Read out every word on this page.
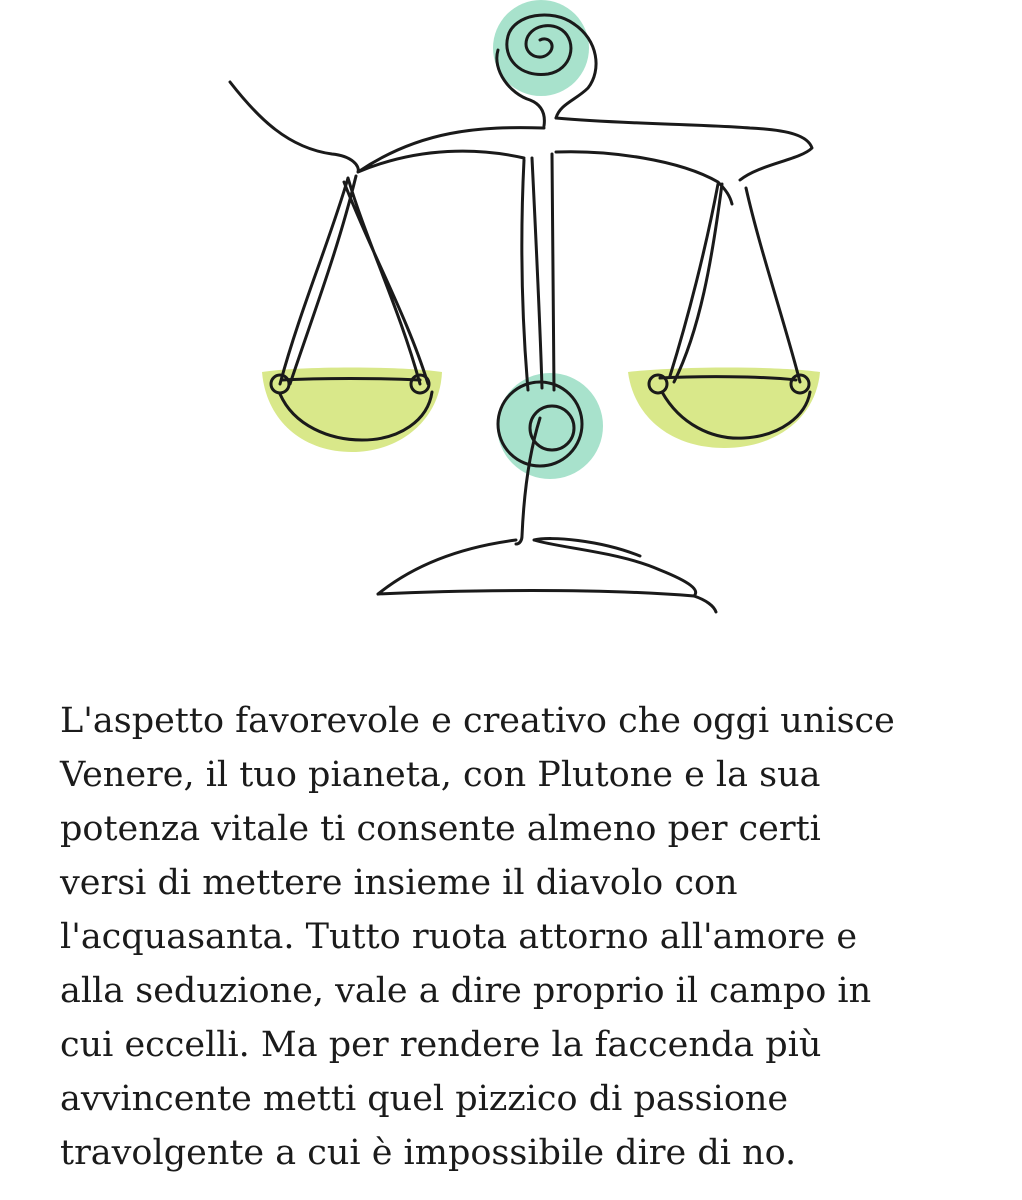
L'aspetto favorevole e creativo che oggi unisce
Venere, il tuo pianeta, con Plutone e la sua
potenza vitale ti consente almeno per certi
versi di mettere insieme il diavolo con
l'acquasanta. Tutto ruota attorno all'amore e
alla seduzione, vale a dire proprio il campo in
cui eccelli. Ma per rendere la faccenda più
avvincente metti quel pizzico di passione
travolgente a cui è impossibile dire di no.
